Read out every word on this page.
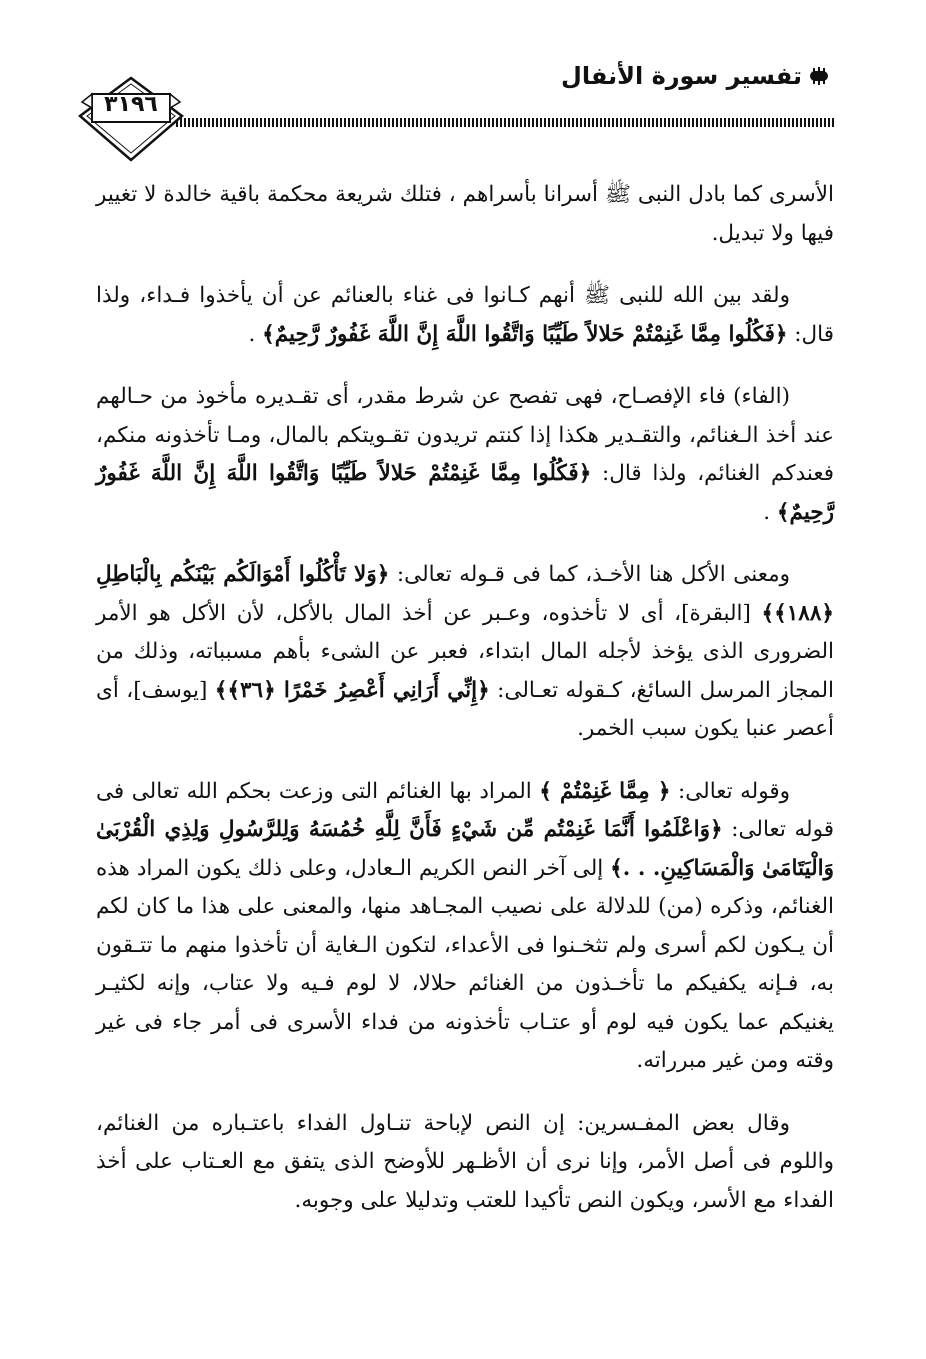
تفسير سورة الأنفال
٣١٩٦

الأسرى كما بادل النبى ﷺ أسرانا بأسراهم ، فتلك شريعة محكمة باقية خالدة لا تغيير فيها ولا تبديل.

ولقد بين الله للنبى ﷺ أنهم كـانوا فى غناء بالعنائم عن أن يأخذوا فـداء، ولذا قال: ﴿فَكُلُوا مِمَّا غَنِمْتُمْ حَلالاً طَيِّبًا وَاتَّقُوا اللَّهَ إِنَّ اللَّهَ غَفُورٌ رَّحِيمٌ﴾ .

(الفاء) فاء الإفصـاح، فهى تفصح عن شرط مقدر، أى تقـديره مأخوذ من حـالهم عند أخذ الـغنائم، والتقـدير هكذا إذا كنتم تريدون تقـويتكم بالمال، ومـا تأخذونه منكم، فعندكم الغنائم، ولذا قال: ﴿فَكُلُوا مِمَّا غَنِمْتُمْ حَلالاً طَيِّبًا وَاتَّقُوا اللَّهَ إِنَّ اللَّهَ غَفُورٌ رَّحِيمٌ﴾ .

ومعنى الأكل هنا الأخـذ، كما فى قـوله تعالى: ﴿وَلا تَأْكُلُوا أَمْوَالَكُم بَيْنَكُم بِالْبَاطِلِ ﴿١٨٨﴾﴾ [البقرة]، أى لا تأخذوه، وعـبر عن أخذ المال بالأكل، لأن الأكل هو الأمر الضرورى الذى يؤخذ لأجله المال ابتداء، فعبر عن الشىء بأهم مسبباته، وذلك من المجاز المرسل السائغ، كـقوله تعـالى: ﴿إِنِّي أَرَانِي أَعْصِرُ خَمْرًا ﴿٣٦﴾﴾ [يوسف]، أى أعصر عنبا يكون سبب الخمر.

وقوله تعالى: ﴿ مِمَّا غَنِمْتُمْ ﴾ المراد بها الغنائم التى وزعت بحكم الله تعالى فى قوله تعالى: ﴿وَاعْلَمُوا أَنَّمَا غَنِمْتُم مِّن شَيْءٍ فَأَنَّ لِلَّهِ خُمُسَهُ وَلِلرَّسُولِ وَلِذِي الْقُرْبَىٰ وَالْيَتَامَىٰ وَالْمَسَاكِينِ. . .﴾ إلى آخر النص الكريم الـعادل، وعلى ذلك يكون المراد هذه الغنائم، وذكره (من) للدلالة على نصيب المجـاهد منها، والمعنى على هذا ما كان لكم أن يـكون لكم أسرى ولم تثخـنوا فى الأعداء، لتكون الـغاية أن تأخذوا منهم ما تتـقون به، فـإنه يكفيكم ما تأخـذون من الغنائم حلالا، لا لوم فـيه ولا عتاب، وإنه لكثيـر يغنيكم عما يكون فيه لوم أو عتـاب تأخذونه من فداء الأسرى فى أمر جاء فى غير وقته ومن غير مبرراته.

وقال بعض المفـسرين: إن النص لإباحة تنـاول الفداء باعتـباره من الغنائم، واللوم فى أصل الأمر، وإنا نرى أن الأظـهر للأوضح الذى يتفق مع العـتاب على أخذ الفداء مع الأسر، ويكون النص تأكيدا للعتب وتدليلا على وجوبه.
